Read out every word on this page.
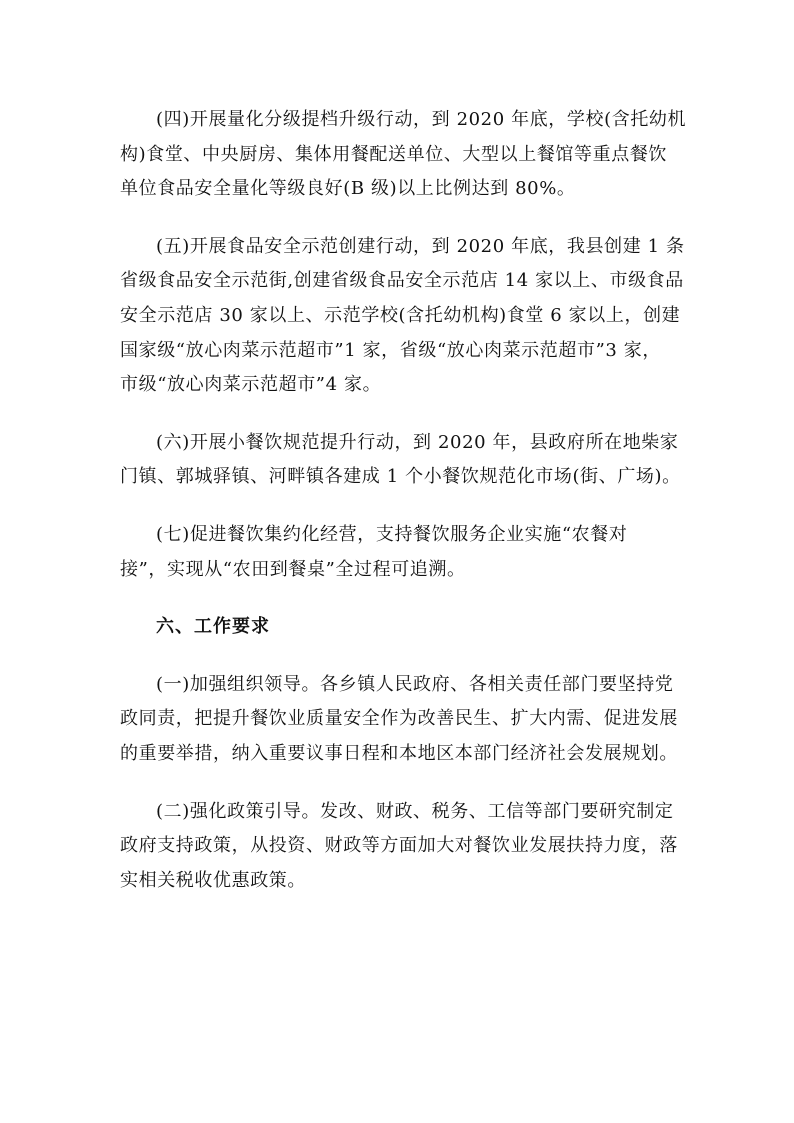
(四)开展量化分级提档升级行动，到 2020 年底，学校(含托幼机
构)食堂、中央厨房、集体用餐配送单位、大型以上餐馆等重点餐饮
单位食品安全量化等级良好(B 级)以上比例达到 80%。

(五)开展食品安全示范创建行动，到 2020 年底，我县创建 1 条
省级食品安全示范街,创建省级食品安全示范店 14 家以上、市级食品
安全示范店 30 家以上、示范学校(含托幼机构)食堂 6 家以上，创建
国家级“放心肉菜示范超市”1 家，省级“放心肉菜示范超市”3 家，
市级“放心肉菜示范超市”4 家。

(六)开展小餐饮规范提升行动，到 2020 年，县政府所在地柴家
门镇、郭城驿镇、河畔镇各建成 1 个小餐饮规范化市场(街、广场)。

(七)促进餐饮集约化经营，支持餐饮服务企业实施“农餐对
接”，实现从“农田到餐桌”全过程可追溯。

六、工作要求

(一)加强组织领导。各乡镇人民政府、各相关责任部门要坚持党
政同责，把提升餐饮业质量安全作为改善民生、扩大内需、促进发展
的重要举措，纳入重要议事日程和本地区本部门经济社会发展规划。

(二)强化政策引导。发改、财政、税务、工信等部门要研究制定
政府支持政策，从投资、财政等方面加大对餐饮业发展扶持力度，落
实相关税收优惠政策。
